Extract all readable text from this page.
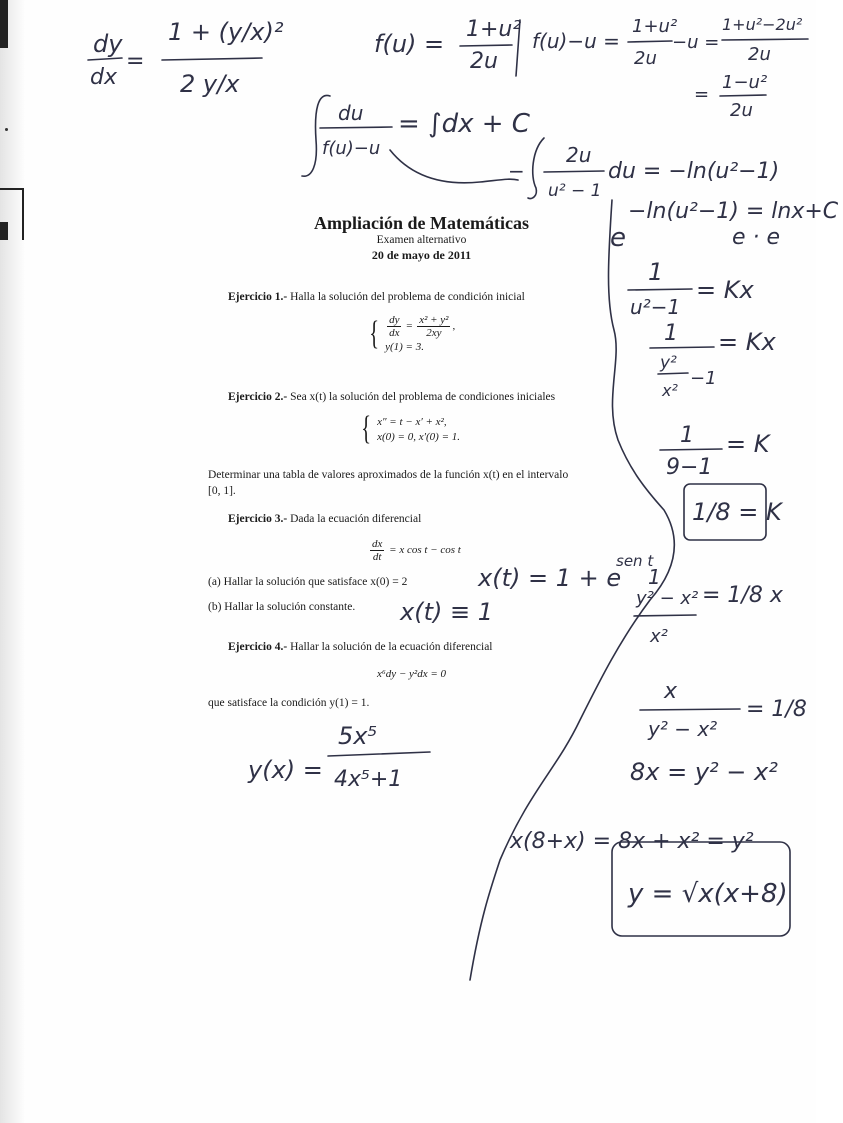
Ampliación de Matemáticas
Examen alternativo
20 de mayo de 2011
Ejercicio 1.- Halla la solución del problema de condición inicial
{ $\frac{dy}{dx} = \frac{\text{x² + y²}}{2xy}$ ,
y(1) = 3.
Ejercicio 2.- Sea x(t) la solución del problema de condiciones iniciales
{ x″ = t − x′ + x²,
x(0) = 0, x′(0) = 1.
Determinar una tabla de valores aproximados de la función x(t) en el intervalo
[0, 1].
Ejercicio 3.- Dada la ecuación diferencial
$\frac{dx}{dt} = x$ cos t − cos t
(a) Hallar la solución que satisface x(0) = 2
(b) Hallar la solución constante.
Ejercicio 4.- Hallar la solución de la ecuación diferencial
x⁶dy − y²dx = 0
que satisface la condición y(1) = 1.
dy
dx
=
1 + (y/x)²
2 y/x
f(u) =
1+u²
2u
f(u)−u =
1+u²
2u
−u =
1+u²−2u²
2u
=
1−u²
2u
du
f(u)−u
= ∫dx + C
−
2u
u² − 1
du = −ln(u²−1)
e
−ln(u²−1) = lnx+C
e · e
1
u²−1
= Kx
1
y²
x²
−1
= Kx
1
9−1
= K
1/8 = K
x(t) = 1 + e
sen t
x(t) ≡ 1
1
y² − x²
x²
= 1/8 x
x
y² − x²
= 1/8
8x = y² − x²
x(8+x) = 8x + x² = y²
y = √x(x+8)
y(x) =
5x⁵
4x⁵+1
